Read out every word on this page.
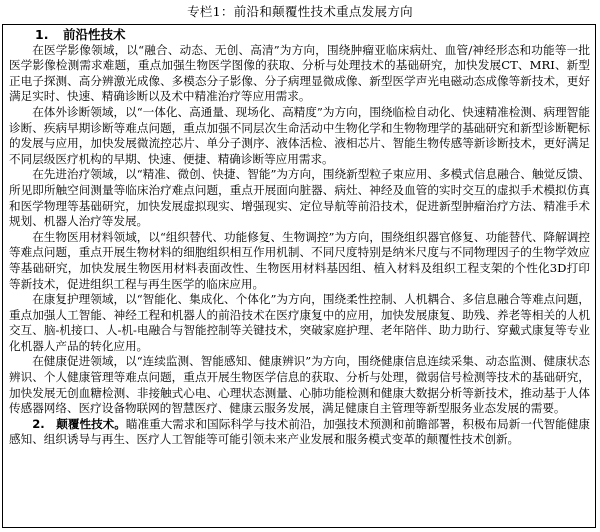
专栏1：前沿和颠覆性技术重点发展方向

1. 前沿性技术

在医学影像领域，以“融合、动态、无创、高清”为方向，围绕肿瘤亚临床病灶、血管/神经形态和功能等一批医学影像检测需求难题，重点加强生物医学图像的获取、分析与处理技术的基础研究，加快发展CT、MRI、新型正电子探测、高分辨激光成像、多模态分子影像、分子病理显微成像、新型医学声光电磁动态成像等新技术，更好满足实时、快速、精确诊断以及术中精准治疗等应用需求。

在体外诊断领域，以“一体化、高通量、现场化、高精度”为方向，围绕临检自动化、快速精准检测、病理智能诊断、疾病早期诊断等难点问题，重点加强不同层次生命活动中生物化学和生物物理学的基础研究和新型诊断靶标的发展与应用，加快发展微流控芯片、单分子测序、液体活检、液相芯片、智能生物传感等新诊断技术，更好满足不同层级医疗机构的早期、快速、便捷、精确诊断等应用需求。

在先进治疗领域，以“精准、微创、快捷、智能”为方向，围绕新型粒子束应用、多模式信息融合、触觉反馈、所见即所触空间测量等临床治疗难点问题，重点开展面向脏器、病灶、神经及血管的实时交互的虚拟手术模拟仿真和医学物理等基础研究，加快发展虚拟现实、增强现实、定位导航等前沿技术，促进新型肿瘤治疗方法、精准手术规划、机器人治疗等发展。

在生物医用材料领域，以“组织替代、功能修复、生物调控”为方向，围绕组织器官修复、功能替代、降解调控等难点问题，重点开展生物材料的细胞组织相互作用机制、不同尺度特别是纳米尺度与不同物理因子的生物学效应等基础研究，加快发展生物医用材料表面改性、生物医用材料基因组、植入材料及组织工程支架的个性化3D打印等新技术，促进组织工程与再生医学的临床应用。

在康复护理领域，以“智能化、集成化、个体化”为方向，围绕柔性控制、人机耦合、多信息融合等难点问题，重点加强人工智能、神经工程和机器人的前沿技术在医疗康复中的应用，加快发展康复、助残、养老等相关的人机交互、脑-机接口、人-机-电融合与智能控制等关键技术，突破家庭护理、老年陪伴、助力助行、穿戴式康复等专业化机器人产品的转化应用。

在健康促进领域，以“连续监测、智能感知、健康辨识”为方向，围绕健康信息连续采集、动态监测、健康状态辨识、个人健康管理等难点问题，重点开展生物医学信息的获取、分析与处理，微弱信号检测等技术的基础研究，加快发展无创血糖检测、非接触式心电、心理状态测量、心肺功能检测和健康大数据分析等新技术，推动基于人体传感器网络、医疗设备物联网的智慧医疗、健康云服务发展，满足健康自主管理等新型服务业态发展的需要。

2.　颠覆性技术。瞄准重大需求和国际科学与技术前沿，加强技术预测和前瞻部署，积极布局新一代智能健康感知、组织诱导与再生、医疗人工智能等可能引领未来产业发展和服务模式变革的颠覆性技术创新。
